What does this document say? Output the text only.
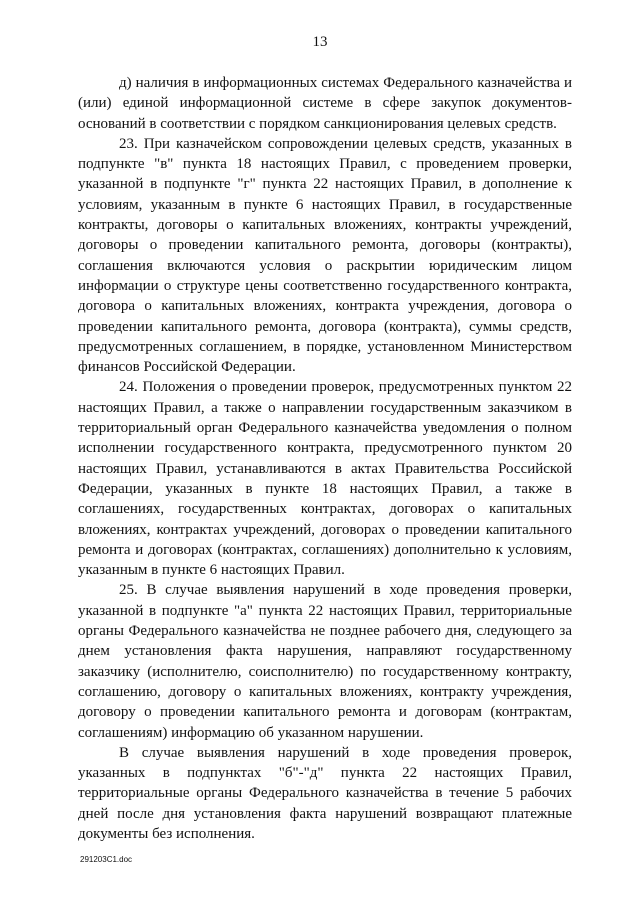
13

д) наличия в информационных системах Федерального казначейства и (или) единой информационной системе в сфере закупок документов-оснований в соответствии с порядком санкционирования целевых средств.

23. При казначейском сопровождении целевых средств, указанных в подпункте "в" пункта 18 настоящих Правил, с проведением проверки, указанной в подпункте "г" пункта 22 настоящих Правил, в дополнение к условиям, указанным в пункте 6 настоящих Правил, в государственные контракты, договоры о капитальных вложениях, контракты учреждений, договоры о проведении капитального ремонта, договоры (контракты), соглашения включаются условия о раскрытии юридическим лицом информации о структуре цены соответственно государственного контракта, договора о капитальных вложениях, контракта учреждения, договора о проведении капитального ремонта, договора (контракта), суммы средств, предусмотренных соглашением, в порядке, установленном Министерством финансов Российской Федерации.

24. Положения о проведении проверок, предусмотренных пунктом 22 настоящих Правил, а также о направлении государственным заказчиком в территориальный орган Федерального казначейства уведомления о полном исполнении государственного контракта, предусмотренного пунктом 20 настоящих Правил, устанавливаются в актах Правительства Российской Федерации, указанных в пункте 18 настоящих Правил, а также в соглашениях, государственных контрактах, договорах о капитальных вложениях, контрактах учреждений, договорах о проведении капитального ремонта и договорах (контрактах, соглашениях) дополнительно к условиям, указанным в пункте 6 настоящих Правил.

25. В случае выявления нарушений в ходе проведения проверки, указанной в подпункте "а" пункта 22 настоящих Правил, территориальные органы Федерального казначейства не позднее рабочего дня, следующего за днем установления факта нарушения, направляют государственному заказчику (исполнителю, соисполнителю) по государственному контракту, соглашению, договору о капитальных вложениях, контракту учреждения, договору о проведении капитального ремонта и договорам (контрактам, соглашениям) информацию об указанном нарушении.

В случае выявления нарушений в ходе проведения проверок, указанных в подпунктах "б"-"д" пункта 22 настоящих Правил, территориальные органы Федерального казначейства в течение 5 рабочих дней после дня установления факта нарушений возвращают платежные документы без исполнения.

291203С1.doc
